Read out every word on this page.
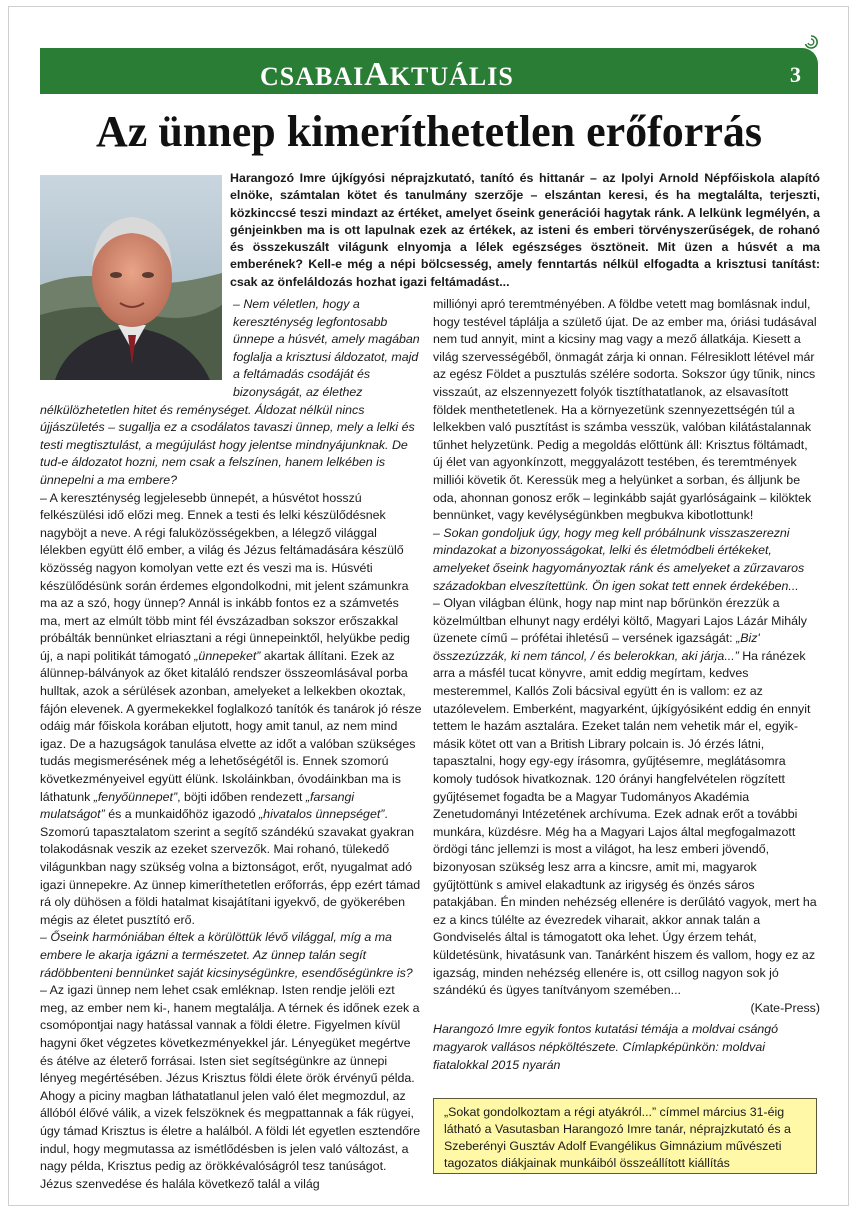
CSABAIAKTUÁLIS	3
Az ünnep kimeríthetetlen erőforrás

Harangozó Imre újkígyósi néprajzkutató, tanító és hittanár – az Ipolyi Arnold Népfőiskola alapító elnöke, számtalan kötet és tanulmány szerzője – elszántan keresi, és ha megtalálta, terjeszti, közkinccsé teszi mindazt az értéket, amelyet őseink generációi hagytak ránk. A lelkünk legmélyén, a génjeinkben ma is ott lapulnak ezek az értékek, az isteni és emberi törvényszerűségek, de rohanó és összekuszált világunk elnyomja a lélek egészséges ösztöneit. Mit üzen a húsvét a ma emberének? Kell-e még a népi bölcsesség, amely fenntartás nélkül elfogadta a krisztusi tanítást: csak az önfeláldozás hozhat igazi feltámadást...

– Nem véletlen, hogy a kereszténység legfontosabb ünnepe a húsvét, amely magában foglalja a krisztusi áldozatot, majd a feltámadás csodáját és bizonyságát, az élethez nélkülözhetetlen hitet és reménységet. Áldozat nélkül nincs újjászületés – sugallja ez a csodálatos tavaszi ünnep, mely a lelki és testi megtisztulást, a megújulást hogy jelentse mindnyájunknak. De tud-e áldozatot hozni, nem csak a felszínen, hanem lelkében is ünnepelni a ma embere?

– A kereszténység legjelesebb ünnepét, a húsvétot hosszú felkészülési idő előzi meg. Ennek a testi és lelki készülődésnek nagyböjt a neve. A régi faluközösségekben, a lélegző világgal lélekben együtt élő ember, a világ és Jézus feltámadására készülő közösség nagyon komolyan vette ezt és veszi ma is. Húsvéti készülődésünk során érdemes elgondolkodni, mit jelent számunkra ma az a szó, hogy ünnep? Annál is inkább fontos ez a számvetés ma, mert az elmúlt több mint fél évszázadban sokszor erőszakkal próbálták bennünket elriasztani a régi ünnepeinktől, helyükbe pedig új, a napi politikát támogató „ünnepeket” akartak állítani. Ezek az álünnep-bálványok az őket kitaláló rendszer összeomlásával porba hulltak, azok a sérülések azonban, amelyeket a lelkekben okoztak, fájón elevenek. A gyermekekkel foglalkozó tanítók és tanárok jó része odáig már főiskola korában eljutott, hogy amit tanul, az nem mind igaz. De a hazugságok tanulása elvette az időt a valóban szükséges tudás megismerésének még a lehetőségétől is. Ennek szomorú következményeivel együtt élünk. Iskoláinkban, óvodáinkban ma is láthatunk „fenyőünnepet”, böjti időben rendezett „farsangi mulatságot” és a munkaidőhöz igazodó „hivatalos ünnepséget”. Szomorú tapasztalatom szerint a segítő szándékú szavakat gyakran tolakodásnak veszik az ezeket szervezők. Mai rohanó, tülekedő világunkban nagy szükség volna a biztonságot, erőt, nyugalmat adó igazi ünnepekre. Az ünnep kimeríthetetlen erőforrás, épp ezért támad rá oly dühösen a földi hatalmat kisajátítani igyekvő, de gyökerében mégis az életet pusztító erő.

– Őseink harmóniában éltek a körülöttük lévő világgal, míg a ma embere le akarja igázni a természetet. Az ünnep talán segít rádöbbenteni bennünket saját kicsinységünkre, esendőségünkre is?

– Az igazi ünnep nem lehet csak emléknap. Isten rendje jelöli ezt meg, az ember nem ki-, hanem megtalálja. A térnek és időnek ezek a csomópontjai nagy hatással vannak a földi életre. Figyelmen kívül hagyni őket végzetes következményekkel jár. Lényegüket megértve és átélve az életerő forrásai. Isten siet segítségünkre az ünnepi lényeg megértésében. Jézus Krisztus földi élete örök érvényű példa. Ahogy a piciny magban láthatatlanul jelen való élet megmozdul, az állóból élővé válik, a vizek felszöknek és megpattannak a fák rügyei, úgy támad Krisztus is életre a halálból. A földi lét egyetlen esztendőre indul, hogy megmutassa az ismétlődésben is jelen való változást, a nagy példa, Krisztus pedig az örökkévalóságról tesz tanúságot. Jézus szenvedése és halála következő talál a világ

milliónyi apró teremtményében. A földbe vetett mag bomlásnak indul, hogy testével táplálja a születő újat. De az ember ma, óriási tudásával nem tud annyit, mint a kicsiny mag vagy a mező állatkája. Kiesett a világ szervességéből, önmagát zárja ki onnan. Félresiklott létével már az egész Földet a pusztulás szélére sodorta. Sokszor úgy tűnik, nincs visszaút, az elszennyezett folyók tisztíthatatlanok, az elsavasított földek menthetetlenek. Ha a környezetünk szennyezettségén túl a lelkekben való pusztítást is számba vesszük, valóban kilátástalannak tűnhet helyzetünk. Pedig a megoldás előttünk áll: Krisztus föltámadt, új élet van agyonkínzott, meggyalázott testében, és teremtmények milliói követik őt. Keressük meg a helyünket a sorban, és álljunk be oda, ahonnan gonosz erők – leginkább saját gyarlóságaink – kilöktek bennünket, vagy kevélységünkben megbukva kibotlottunk!

– Sokan gondoljuk úgy, hogy meg kell próbálnunk visszaszerezni mindazokat a bizonyosságokat, lelki és életmódbeli értékeket, amelyeket őseink hagyományoztak ránk és amelyeket a zűrzavaros századokban elveszítettünk. Ön igen sokat tett ennek érdekében...

– Olyan világban élünk, hogy nap mint nap bőrünkön érezzük a közelmúltban elhunyt nagy erdélyi költő, Magyari Lajos Lázár Mihály üzenete című – prófétai ihletésű – versének igazságát: „Biz' összezúzzák, ki nem táncol, / és belerokkan, aki járja...” Ha ránézek arra a másfél tucat könyvre, amit eddig megírtam, kedves mesteremmel, Kallós Zoli bácsival együtt én is vallom: ez az utazólevelem. Emberként, magyarként, újkígyósiként eddig én ennyit tettem le hazám asztalára. Ezeket talán nem vehetik már el, egyik-másik kötet ott van a British Library polcain is. Jó érzés látni, tapasztalni, hogy egy-egy írásomra, gyűjtésemre, meglátásomra komoly tudósok hivatkoznak. 120 órányi hangfelvételen rögzített gyűjtésemet fogadta be a Magyar Tudományos Akadémia Zenetudományi Intézetének archívuma. Ezek adnak erőt a további munkára, küzdésre. Még ha a Magyari Lajos által megfogalmazott ördögi tánc jellemzi is most a világot, ha lesz emberi jövendő, bizonyosan szükség lesz arra a kincsre, amit mi, magyarok gyűjtöttünk s amivel elakadtunk az irigység és önzés sáros patakjában. Én minden nehézség ellenére is derűlátó vagyok, mert ha ez a kincs túlélte az évezredek viharait, akkor annak talán a Gondviselés által is támogatott oka lehet. Úgy érzem tehát, küldetésünk, hivatásunk van. Tanárként hiszem és vallom, hogy ez az igazság, minden nehézség ellenére is, ott csillog nagyon sok jó szándékú és ügyes tanítványom szemében...

(Kate-Press)

Harangozó Imre egyik fontos kutatási témája a moldvai csángó magyarok vallásos népköltészete. Címlapképünkön: moldvai fiatalokkal 2015 nyarán

„Sokat gondolkoztam a régi atyákról...” címmel március 31-éig látható a Vasutasban Harangozó Imre tanár, néprajzkutató és a Szeberényi Gusztáv Adolf Evangélikus Gimnázium művészeti tagozatos diákjainak munkáiból összeállított kiállítás
